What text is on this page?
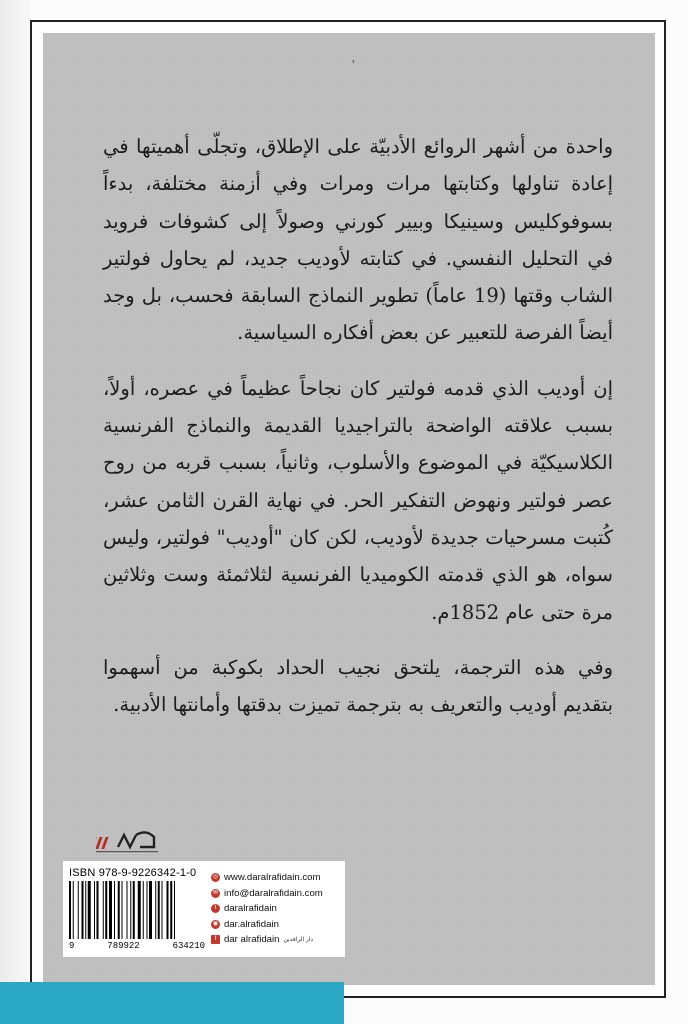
י

واحدة من أشهر الروائع الأدبيّة على الإطلاق، وتجلّى أهميتها في إعادة تناولها وكتابتها مرات ومرات وفي أزمنة مختلفة، بدءاً بسوفوكليس وسينيكا وبيير كورني وصولاً إلى كشوفات فرويد في التحليل النفسي. في كتابته لأوديب جديد، لم يحاول فولتير الشاب وقتها (19 عاماً) تطوير النماذج السابقة فحسب، بل وجد أيضاً الفرصة للتعبير عن بعض أفكاره السياسية.

إن أوديب الذي قدمه فولتير كان نجاحاً عظيماً في عصره، أولاً، بسبب علاقته الواضحة بالتراجيديا القديمة والنماذج الفرنسية الكلاسيكيّة في الموضوع والأسلوب، وثانياً، بسبب قربه من روح عصر فولتير ونهوض التفكير الحر. في نهاية القرن الثامن عشر، كُتبت مسرحيات جديدة لأوديب، لكن كان "أوديب" فولتير، وليس سواه، هو الذي قدمته الكوميديا الفرنسية لثلاثمئة وست وثلاثين مرة حتى عام 1852م.

وفي هذه الترجمة، يلتحق نجيب الحداد بكوكبة من أسهموا بتقديم أوديب والتعريف به بترجمة تميزت بدقتها وأمانتها الأدبية.

ISBN 978-9-9226342-1-0
9	789922	634210
◎ www.daralrafidain.com
✉ info@daralrafidain.com
t daralrafidain
◉ dar.alrafidain
f dar alrafidain دار الرافدين
